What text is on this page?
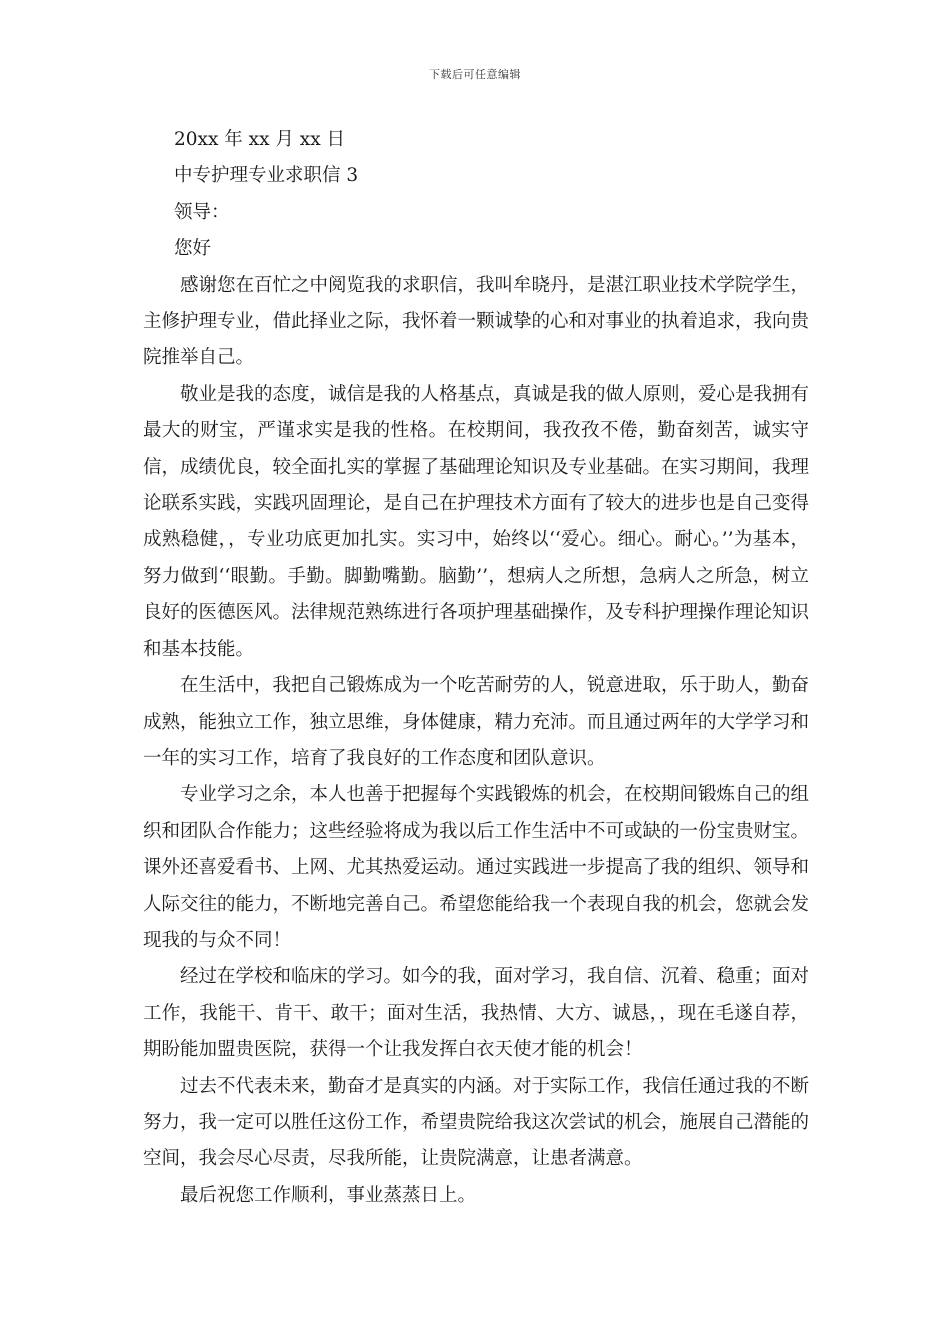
下载后可任意编辑

20xx 年 xx 月 xx 日

中专护理专业求职信 3

领导：

您好

感谢您在百忙之中阅览我的求职信，我叫牟晓丹，是湛江职业技术学院学生，主修护理专业，借此择业之际，我怀着一颗诚挚的心和对事业的执着追求，我向贵院推举自己。

敬业是我的态度，诚信是我的人格基点，真诚是我的做人原则，爱心是我拥有最大的财宝，严谨求实是我的性格。在校期间，我孜孜不倦，勤奋刻苦，诚实守信，成绩优良，较全面扎实的掌握了基础理论知识及专业基础。在实习期间，我理论联系实践，实践巩固理论，是自己在护理技术方面有了较大的进步也是自己变得成熟稳健，，专业功底更加扎实。实习中，始终以‘‘爱心。细心。耐心。’’为基本，努力做到‘‘眼勤。手勤。脚勤嘴勤。脑勤’’，想病人之所想，急病人之所急，树立良好的医德医风。法律规范熟练进行各项护理基础操作，及专科护理操作理论知识和基本技能。

在生活中，我把自己锻炼成为一个吃苦耐劳的人，锐意进取，乐于助人，勤奋成熟，能独立工作，独立思维，身体健康，精力充沛。而且通过两年的大学学习和一年的实习工作，培育了我良好的工作态度和团队意识。

专业学习之余，本人也善于把握每个实践锻炼的机会，在校期间锻炼自己的组织和团队合作能力；这些经验将成为我以后工作生活中不可或缺的一份宝贵财宝。课外还喜爱看书、上网、尤其热爱运动。通过实践进一步提高了我的组织、领导和人际交往的能力，不断地完善自己。希望您能给我一个表现自我的机会，您就会发现我的与众不同！

经过在学校和临床的学习。如今的我，面对学习，我自信、沉着、稳重；面对工作，我能干、肯干、敢干；面对生活，我热情、大方、诚恳，，现在毛遂自荐，期盼能加盟贵医院，获得一个让我发挥白衣天使才能的机会！

过去不代表未来，勤奋才是真实的内涵。对于实际工作，我信任通过我的不断努力，我一定可以胜任这份工作，希望贵院给我这次尝试的机会，施展自己潜能的空间，我会尽心尽责，尽我所能，让贵院满意，让患者满意。

最后祝您工作顺利，事业蒸蒸日上。
